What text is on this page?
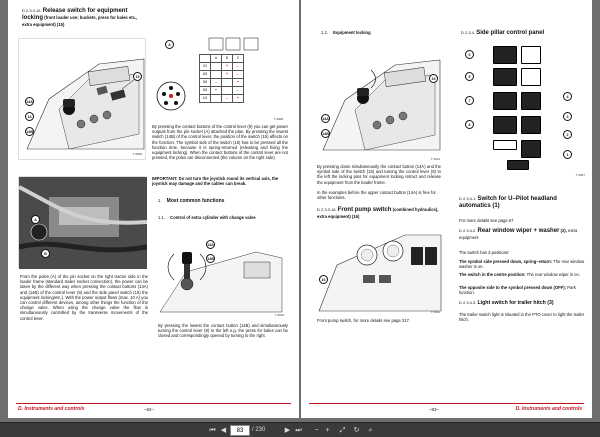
D 2.3.3.15. Release switch for equipment locking (front loader use; buckets, press for bales etc., extra equipment) (15)
15
14A
14
14B
T 0009
A
	A	B	C
0/I		+	–
4/II		+	–
3/II	–		+
0/II	+		–
1/II		–	+
T 0008
By pressing the contact buttons of the control lever (9) you can get power outputs from the pin socket (A) attached the plan. By pressing the lowest switch (14B) of the control lever, the position of the switch (15) affects on the function. The symbol side of the switch (15) has to be pressed all the function time, because it is spring-returned (releasing and fixing the equipment locking). When the contact buttons of the control lever are not pressed, the poles are disconnected (the column on the right side).
IMPORTANT: Do not turn the joystick round its vertical axis, the joystick may damage and the cables can break.
1. Most common functions
1.1. Control of extra cylinder with change valve
A
B
14A
14B
T 0010
From the poles (A) of the pin socket on the right tractor side in the loader frame (standard trailer socket connection), the power can be taken by the different way when pressing the contact buttons (14A) and (14B) of the control lever (9) and the side panel switch (15) the equipment locking/etc.). With the power output flows (max. 10 A) you can control different devices, among other things the function of the change valve. When using the change valve the flow is simultaneously controlled by the transverse movements of the control lever.
By pressing the lowest the contact button (14B) and simultaneously turning the control lever (9) to the left e.g. the press for bales can be closed and correspondingly opened by turning to the right.
D. Instruments and controls	–82–
1.2. Equipment locking
15
14A
14B
T 0011
By pressing down simultaneously the contact button (14A) and the symbol side of the switch (15) and turning the control lever (9) to the left the locking pins for equipment locking retract and release the equipment from the loader frame.
In the examples before the upper contact button (14A) is free for other functions.
D 2.3.3.16. Front pump switch (combined hydraulics), extra equipment) (16)
16
T 0012
Front pump switch, for more details see page 217.
D 2.3.4. Side pillar control panel
6
5
7
8
4
3
2
1
T 0007
D 2.3.4.1. Switch for U–Pilot headland automatics (1)
For more details see page 67
D 2.3.4.2. Rear window wiper + washer (2), extra equipment
The switch has 3 positions:
The symbol side pressed down, spring–return: The rear window washer is on.
The switch in the centre position: The rear window wiper is on.
The opposite side to the symbol pressed down (OFF): Park function.
D 2.3.4.3. Light switch for trailer hitch (3)
The trailer switch light is situated in the PTO cover to light the trailer hitch.
–83–	D. Instruments and controls
⏮ ◀	83	/ 230	▶ ⏭	− +	⤢ ↻	⌕
